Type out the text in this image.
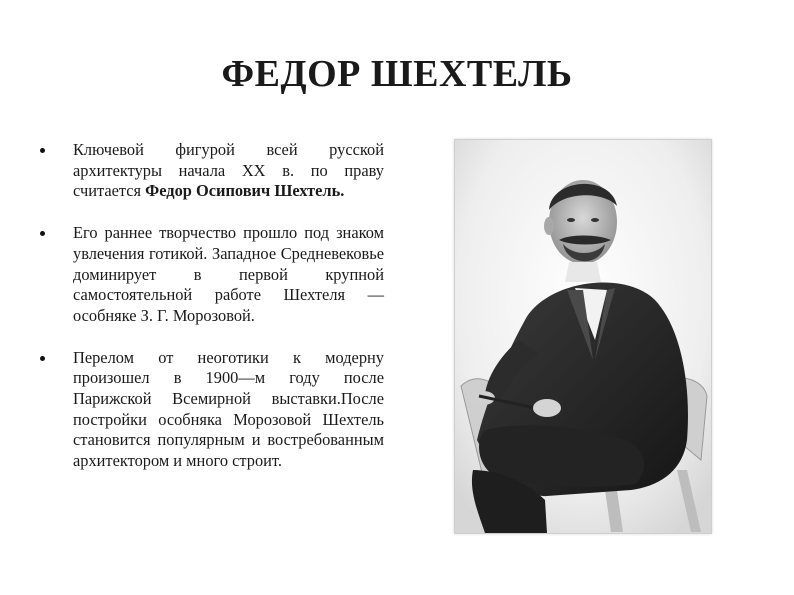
ФЕДОР ШЕХТЕЛЬ
Ключевой фигурой всей русской архитектуры начала XX в. по праву считается Федор Осипович Шехтель.
Его раннее творчество прошло под знаком увлечения готикой. Западное Средневековье доминирует в первой крупной самостоятельной работе Шехтеля — особняке З. Г. Морозовой.
Перелом от неоготики к модерну произошел в 1900—м году после Парижской Всемирной выставки.После постройки особняка Морозовой Шехтель становится популярным и востребованным архитектором и много строит.
